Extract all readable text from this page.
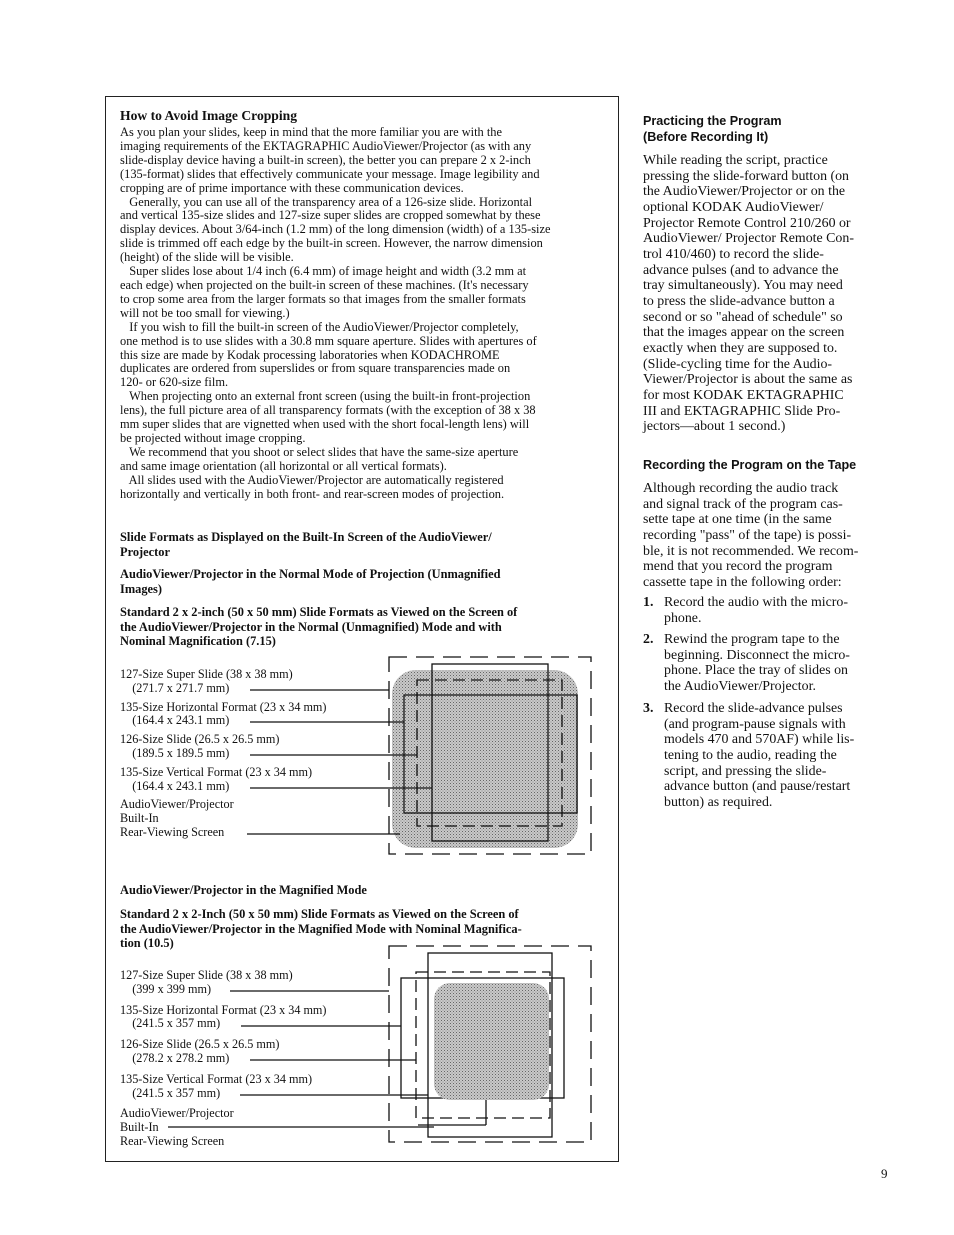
How to Avoid Image Cropping
As you plan your slides, keep in mind that the more familiar you are with the
imaging requirements of the EKTAGRAPHIC AudioViewer/Projector (as with any
slide-display device having a built-in screen), the better you can prepare 2 x 2-inch
(135-format) slides that effectively communicate your message. Image legibility and
cropping are of prime importance with these communication devices.
Generally, you can use all of the transparency area of a 126-size slide. Horizontal
and vertical 135-size slides and 127-size super slides are cropped somewhat by these
display devices. About 3/64-inch (1.2 mm) of the long dimension (width) of a 135-size
slide is trimmed off each edge by the built-in screen. However, the narrow dimension
(height) of the slide will be visible.
Super slides lose about 1/4 inch (6.4 mm) of image height and width (3.2 mm at
each edge) when projected on the built-in screen of these machines. (It's necessary
to crop some area from the larger formats so that images from the smaller formats
will not be too small for viewing.)
If you wish to fill the built-in screen of the AudioViewer/Projector completely,
one method is to use slides with a 30.8 mm square aperture. Slides with apertures of
this size are made by Kodak processing laboratories when KODACHROME
duplicates are ordered from superslides or from square transparencies made on
120- or 620-size film.
When projecting onto an external front screen (using the built-in front-projection
lens), the full picture area of all transparency formats (with the exception of 38 x 38
mm super slides that are vignetted when used with the short focal-length lens) will
be projected without image cropping.
We recommend that you shoot or select slides that have the same-size aperture
and same image orientation (all horizontal or all vertical formats).
All slides used with the AudioViewer/Projector are automatically registered
horizontally and vertically in both front- and rear-screen modes of projection.
Slide Formats as Displayed on the Built-In Screen of the AudioViewer/
Projector
AudioViewer/Projector in the Normal Mode of Projection (Unmagnified
Images)
Standard 2 x 2-inch (50 x 50 mm) Slide Formats as Viewed on the Screen of
the AudioViewer/Projector in the Normal (Unmagnified) Mode and with
Nominal Magnification (7.15)
127-Size Super Slide (38 x 38 mm)
(271.7 x 271.7 mm)
135-Size Horizontal Format (23 x 34 mm)
(164.4 x 243.1 mm)
126-Size Slide (26.5 x 26.5 mm)
(189.5 x 189.5 mm)
135-Size Vertical Format (23 x 34 mm)
(164.4 x 243.1 mm)
AudioViewer/Projector
Built-In
Rear-Viewing Screen
AudioViewer/Projector in the Magnified Mode
Standard 2 x 2-Inch (50 x 50 mm) Slide Formats as Viewed on the Screen of
the AudioViewer/Projector in the Magnified Mode with Nominal Magnifica-
tion (10.5)
127-Size Super Slide (38 x 38 mm)
(399 x 399 mm)
135-Size Horizontal Format (23 x 34 mm)
(241.5 x 357 mm)
126-Size Slide (26.5 x 26.5 mm)
(278.2 x 278.2 mm)
135-Size Vertical Format (23 x 34 mm)
(241.5 x 357 mm)
AudioViewer/Projector
Built-In
Rear-Viewing Screen
Practicing the Program
(Before Recording It)
While reading the script, practice
pressing the slide-forward button (on
the AudioViewer/Projector or on the
optional KODAK AudioViewer/
Projector Remote Control 210/260 or
AudioViewer/ Projector Remote Con-
trol 410/460) to record the slide-
advance pulses (and to advance the
tray simultaneously). You may need
to press the slide-advance button a
second or so "ahead of schedule" so
that the images appear on the screen
exactly when they are supposed to.
(Slide-cycling time for the Audio-
Viewer/Projector is about the same as
for most KODAK EKTAGRAPHIC
III and EKTAGRAPHIC Slide Pro-
jectors—about 1 second.)
Recording the Program on the Tape
Although recording the audio track
and signal track of the program cas-
sette tape at one time (in the same
recording "pass" of the tape) is possi-
ble, it is not recommended. We recom-
mend that you record the program
cassette tape in the following order:
1. Record the audio with the micro-
phone.
2. Rewind the program tape to the
beginning. Disconnect the micro-
phone. Place the tray of slides on
the AudioViewer/Projector.
3. Record the slide-advance pulses
(and program-pause signals with
models 470 and 570AF) while lis-
tening to the audio, reading the
script, and pressing the slide-
advance button (and pause/restart
button) as required.
9
